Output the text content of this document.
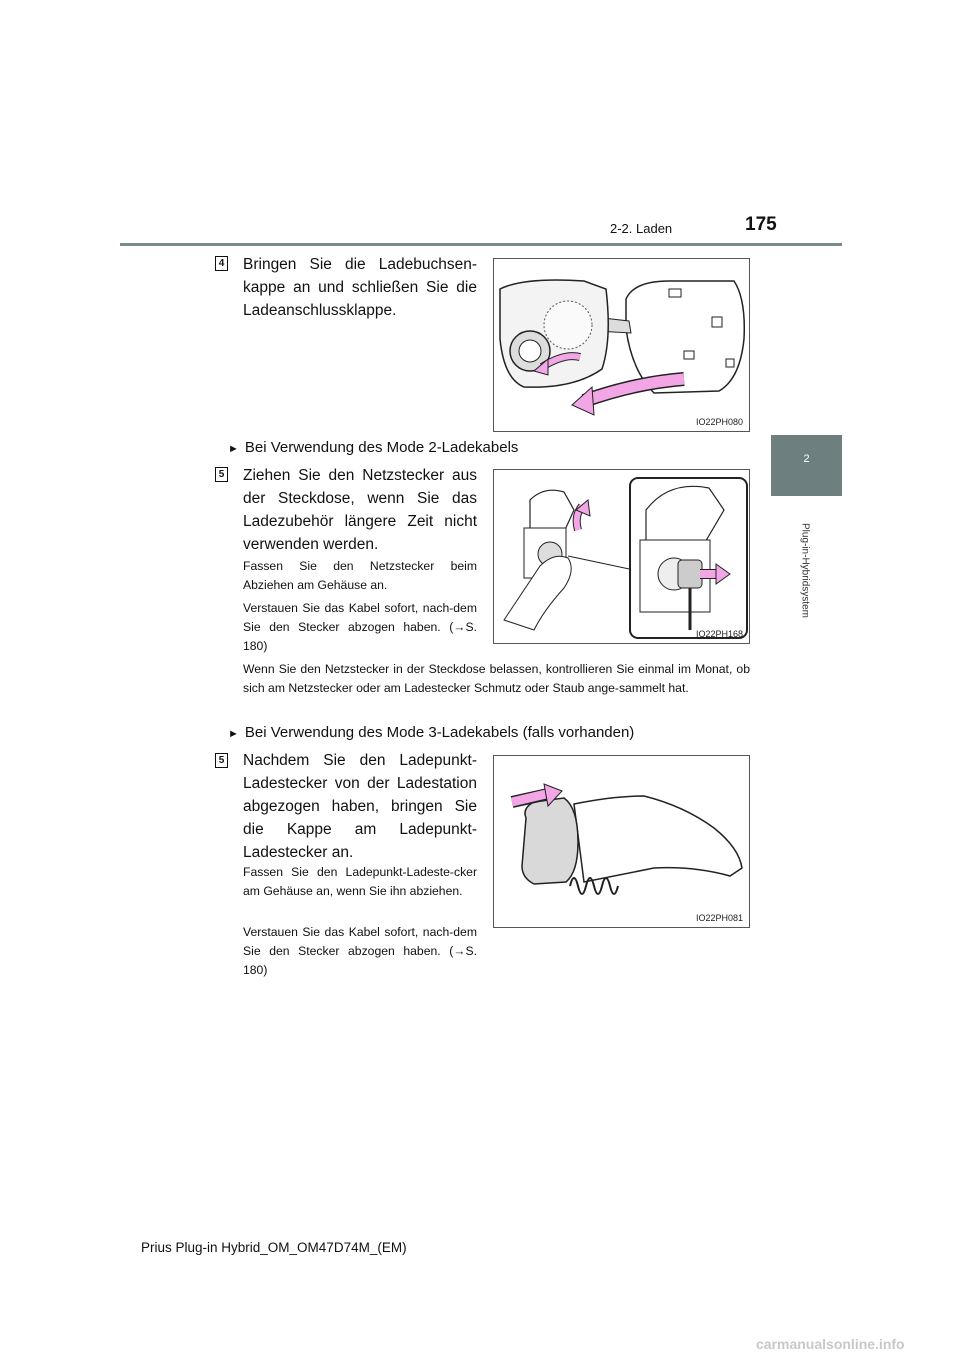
2-2. Laden	175
2
Plug-in-Hybridsystem
4 Bringen Sie die Ladebuchsen-kappe an und schließen Sie die Ladeanschlussklappe.
IO22PH080
► Bei Verwendung des Mode 2-Ladekabels
5 Ziehen Sie den Netzstecker aus der Steckdose, wenn Sie das Ladezubehör längere Zeit nicht verwenden werden.
Fassen Sie den Netzstecker beim Abziehen am Gehäuse an.
Verstauen Sie das Kabel sofort, nach-dem Sie den Stecker abzogen haben. (→S. 180)
IO22PH168
Wenn Sie den Netzstecker in der Steckdose belassen, kontrollieren Sie einmal im Monat, ob sich am Netzstecker oder am Ladestecker Schmutz oder Staub ange-sammelt hat.
► Bei Verwendung des Mode 3-Ladekabels (falls vorhanden)
5 Nachdem Sie den Ladepunkt-Ladestecker von der Ladestation abgezogen haben, bringen Sie die Kappe am Ladepunkt-Ladestecker an.
Fassen Sie den Ladepunkt-Ladeste-cker am Gehäuse an, wenn Sie ihn abziehen.
Verstauen Sie das Kabel sofort, nach-dem Sie den Stecker abzogen haben. (→S. 180)
IO22PH081
Prius Plug-in Hybrid_OM_OM47D74M_(EM)
carmanualsonline.info
